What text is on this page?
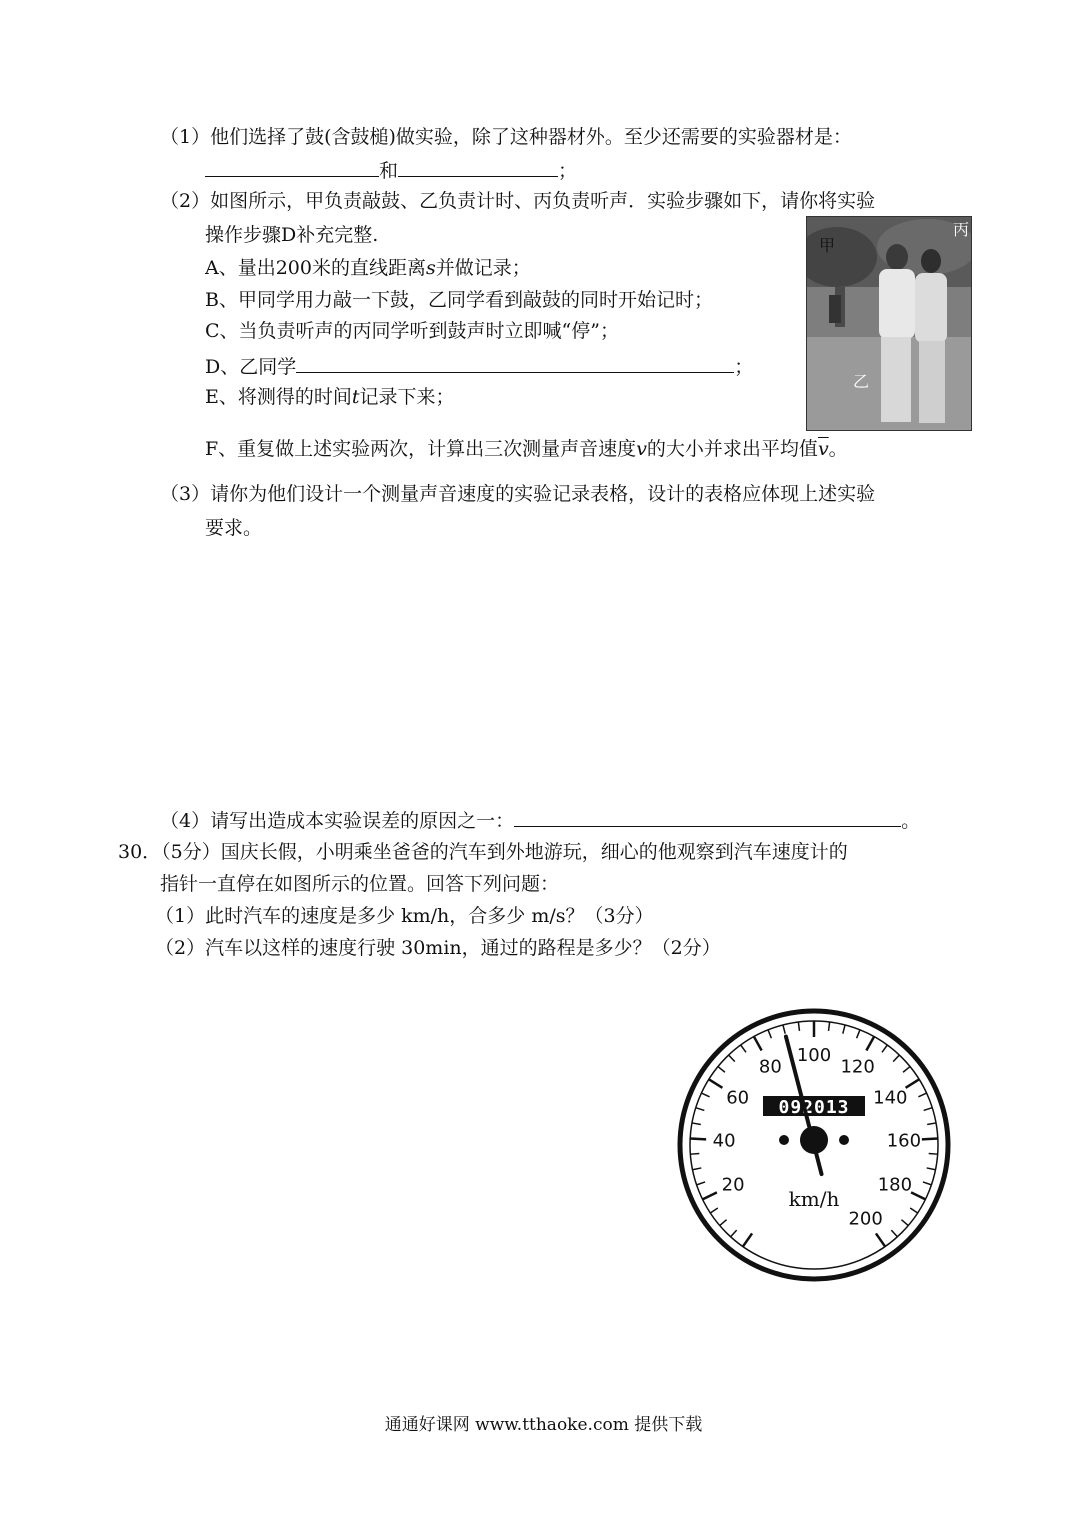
（1）他们选择了鼓(含鼓槌)做实验，除了这种器材外。至少还需要的实验器材是：
和	；
（2）如图所示，甲负责敲鼓、乙负责计时、丙负责听声．实验步骤如下，请你将实验
操作步骤D补充完整.
A、量出200米的直线距离s并做记录；
B、甲同学用力敲一下鼓，乙同学看到敲鼓的同时开始记时；
C、当负责听声的丙同学听到鼓声时立即喊“停”；
D、乙同学	；
E、将测得的时间t记录下来；
F、重复做上述实验两次，计算出三次测量声音速度v的大小并求出平均值$\overline{v}$。
甲
乙
丙
（3）请你为他们设计一个测量声音速度的实验记录表格，设计的表格应体现上述实验
要求。
（4）请写出造成本实验误差的原因之一：	。
30．（5分）国庆长假，小明乘坐爸爸的汽车到外地游玩，细心的他观察到汽车速度计的
指针一直停在如图所示的位置。回答下列问题：
（1）此时汽车的速度是多少 km/h，合多少 m/s？（3分）
（2）汽车以这样的速度行驶 30min，通过的路程是多少？（2分）
20
40
60
80
100
120
140
160
180
200
092013
km/h
通通好课网 www.tthaoke.com 提供下载
